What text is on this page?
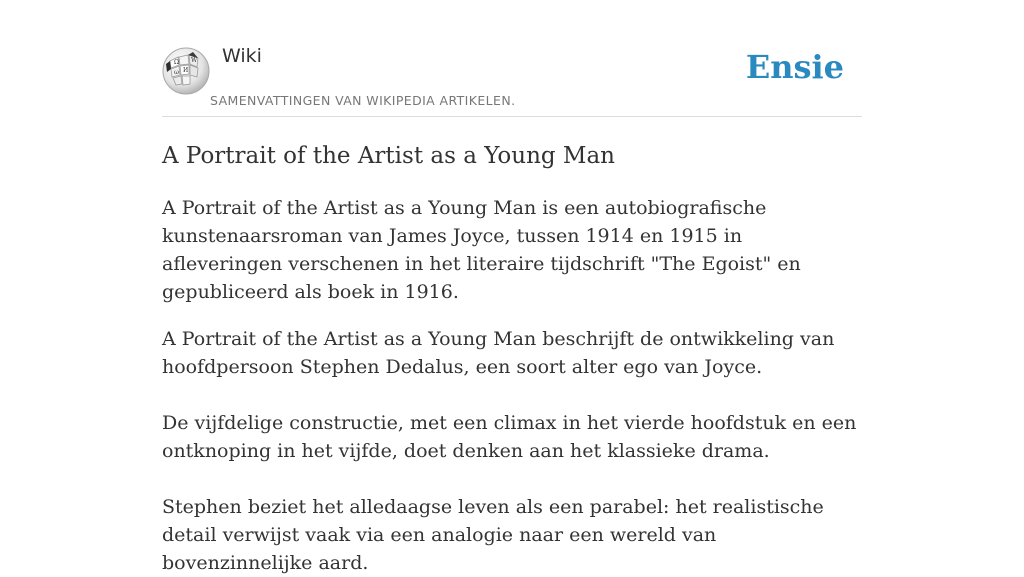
Ω W
И
ω
Wiki
SAMENVATTINGEN VAN WIKIPEDIA ARTIKELEN.
Ensie
A Portrait of the Artist as a Young Man

A Portrait of the Artist as a Young Man is een autobiografische kunstenaarsroman van James Joyce, tussen 1914 en 1915 in afleveringen verschenen in het literaire tijdschrift "The Egoist" en gepubliceerd als boek in 1916.

A Portrait of the Artist as a Young Man beschrijft de ontwikkeling van hoofdpersoon Stephen Dedalus, een soort alter ego van Joyce.

De vijfdelige constructie, met een climax in het vierde hoofdstuk en een ontknoping in het vijfde, doet denken aan het klassieke drama.

Stephen beziet het alledaagse leven als een parabel: het realistische detail verwijst vaak via een analogie naar een wereld van bovenzinnelijke aard.
